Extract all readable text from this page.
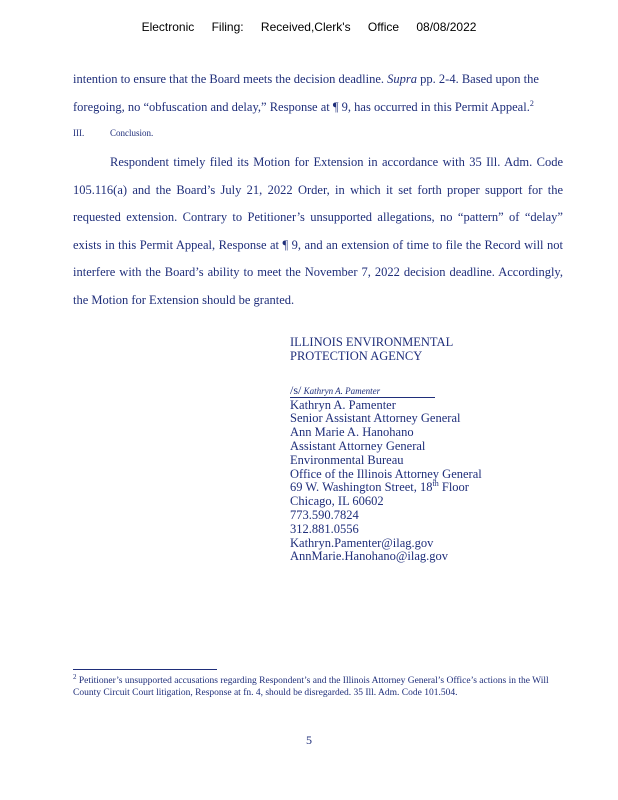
Electronic Filing: Received,Clerk's Office 08/08/2022

intention to ensure that the Board meets the decision deadline. Supra pp. 2-4. Based upon the foregoing, no “obfuscation and delay,” Response at ¶ 9, has occurred in this Permit Appeal.$^2$

III.	Conclusion.

Respondent timely filed its Motion for Extension in accordance with 35 Ill. Adm. Code 105.116(a) and the Board’s July 21, 2022 Order, in which it set forth proper support for the requested extension. Contrary to Petitioner’s unsupported allegations, no “pattern” of “delay” exists in this Permit Appeal, Response at ¶ 9, and an extension of time to file the Record will not interfere with the Board’s ability to meet the November 7, 2022 decision deadline. Accordingly, the Motion for Extension should be granted.

ILLINOIS ENVIRONMENTAL
PROTECTION AGENCY
/s/ Kathryn A. Pamenter
Kathryn A. Pamenter
Senior Assistant Attorney General
Ann Marie A. Hanohano
Assistant Attorney General
Environmental Bureau
Office of the Illinois Attorney General
69 W. Washington Street, 18th Floor
Chicago, IL 60602
773.590.7824
312.881.0556
Kathryn.Pamenter@ilag.gov
AnnMarie.Hanohano@ilag.gov
$^2$ Petitioner’s unsupported accusations regarding Respondent’s and the Illinois Attorney General’s Office’s actions in the Will County Circuit Court litigation, Response at fn. 4, should be disregarded. 35 Ill. Adm. Code 101.504.
5
